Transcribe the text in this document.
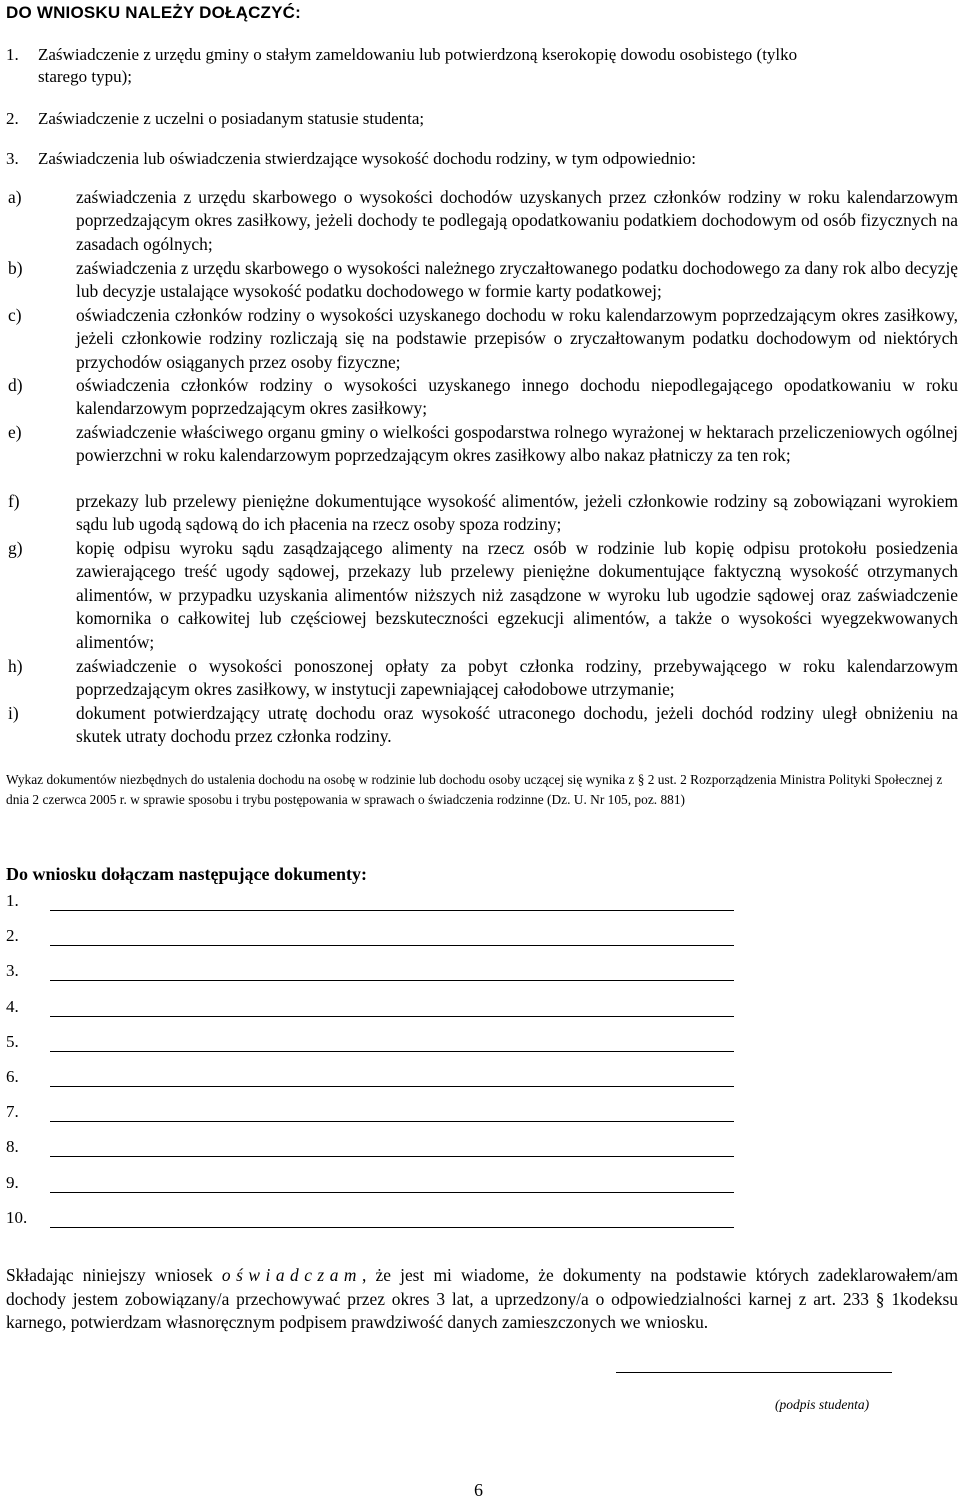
DO WNIOSKU NALEŻY DOŁĄCZYĆ:
1. Zaświadczenie z urzędu gminy o stałym zameldowaniu lub potwierdzoną kserokopię dowodu osobistego (tylko
starego typu);
2. Zaświadczenie z uczelni o posiadanym statusie studenta;
3. Zaświadczenia lub oświadczenia stwierdzające wysokość dochodu rodziny, w tym odpowiednio:
a)	zaświadczenia z urzędu skarbowego o wysokości dochodów uzyskanych przez członków rodziny w roku kalendarzowym poprzedzającym okres zasiłkowy, jeżeli dochody te podlegają opodatkowaniu podatkiem dochodowym od osób fizycznych na zasadach ogólnych;
b)	zaświadczenia z urzędu skarbowego o wysokości należnego zryczałtowanego podatku dochodowego za dany rok albo decyzję lub decyzje ustalające wysokość podatku dochodowego w formie karty podatkowej;
c)	oświadczenia członków rodziny o wysokości uzyskanego dochodu w roku kalendarzowym poprzedzającym okres zasiłkowy, jeżeli członkowie rodziny rozliczają się na podstawie przepisów o zryczałtowanym podatku dochodowym od niektórych przychodów osiąganych przez osoby fizyczne;
d)	oświadczenia członków rodziny o wysokości uzyskanego innego dochodu niepodlegającego opodatkowaniu w roku kalendarzowym poprzedzającym okres zasiłkowy;
e)	zaświadczenie właściwego organu gminy o wielkości gospodarstwa rolnego wyrażonej w hektarach przeliczeniowych ogólnej powierzchni w roku kalendarzowym poprzedzającym okres zasiłkowy albo nakaz płatniczy za ten rok;
f)	przekazy lub przelewy pieniężne dokumentujące wysokość alimentów, jeżeli członkowie rodziny są zobowiązani wyrokiem sądu lub ugodą sądową do ich płacenia na rzecz osoby spoza rodziny;
g)	kopię odpisu wyroku sądu zasądzającego alimenty na rzecz osób w rodzinie lub kopię odpisu protokołu posiedzenia zawierającego treść ugody sądowej, przekazy lub przelewy pieniężne dokumentujące faktyczną wysokość otrzymanych alimentów, w przypadku uzyskania alimentów niższych niż zasądzone w wyroku lub ugodzie sądowej oraz zaświadczenie komornika o całkowitej lub częściowej bezskuteczności egzekucji alimentów, a także o wysokości wyegzekwowanych alimentów;
h)	zaświadczenie o wysokości ponoszonej opłaty za pobyt członka rodziny, przebywającego w roku kalendarzowym poprzedzającym okres zasiłkowy, w instytucji zapewniającej całodobowe utrzymanie;
i)	dokument potwierdzający utratę dochodu oraz wysokość utraconego dochodu, jeżeli dochód rodziny uległ obniżeniu na skutek utraty dochodu przez członka rodziny.
Wykaz dokumentów niezbędnych do ustalenia dochodu na osobę w rodzinie lub dochodu osoby uczącej się wynika z § 2 ust. 2 Rozporządzenia Ministra Polityki Społecznej z dnia 2 czerwca 2005 r. w sprawie sposobu i trybu postępowania w sprawach o świadczenia rodzinne (Dz. U. Nr 105, poz. 881)
Do wniosku dołączam następujące dokumenty:
1.
2.
3.
4.
5.
6.
7.
8.
9.
10.
Składając niniejszy wniosek oświadczam, że jest mi wiadome, że dokumenty na podstawie których zadeklarowałem/am dochody jestem zobowiązany/a przechowywać przez okres 3 lat, a uprzedzony/a o odpowiedzialności karnej z art. 233 § 1kodeksu karnego, potwierdzam własnoręcznym podpisem prawdziwość danych zamieszczonych we wniosku.
(podpis studenta)
6
